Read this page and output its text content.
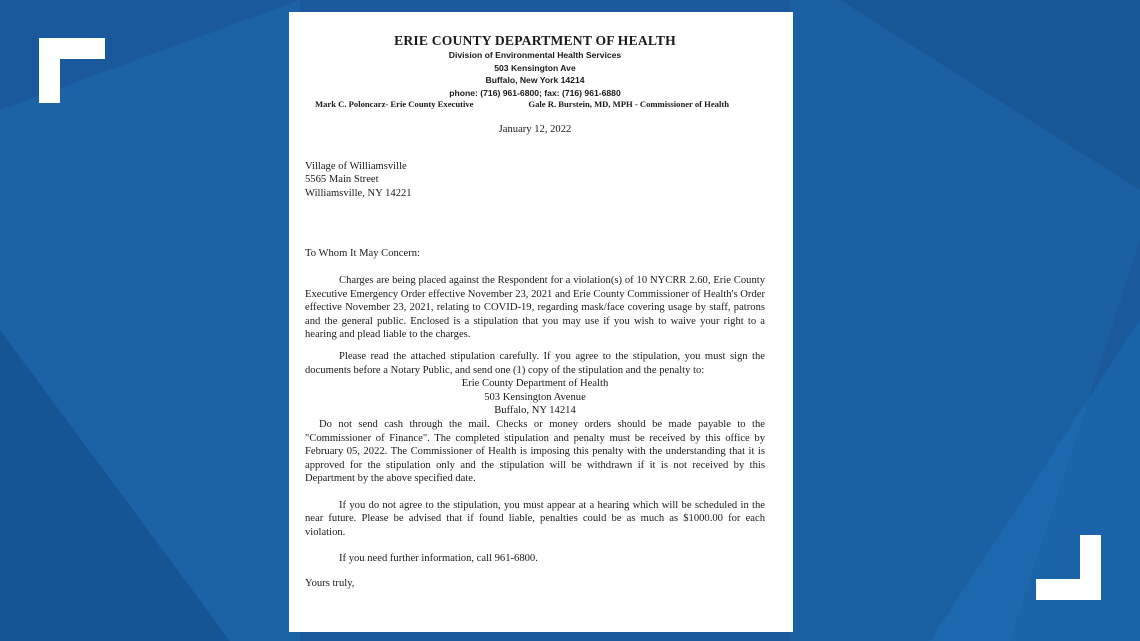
ERIE COUNTY DEPARTMENT OF HEALTH
Division of Environmental Health Services
503 Kensington Ave
Buffalo, New York 14214
phone: (716) 961-6800; fax: (716) 961-6880
Mark C. Poloncarz- Erie County Executive	Gale R. Burstein, MD, MPH - Commissioner of Health
January 12, 2022
Village of Williamsville
5565 Main Street
Williamsville, NY 14221
To Whom It May Concern:
Charges are being placed against the Respondent for a violation(s) of 10 NYCRR 2.60, Erie County Executive Emergency Order effective November 23, 2021 and Erie County Commissioner of Health's Order effective November 23, 2021, relating to COVID-19, regarding mask/face covering usage by staff, patrons and the general public. Enclosed is a stipulation that you may use if you wish to waive your right to a hearing and plead liable to the charges.
Please read the attached stipulation carefully. If you agree to the stipulation, you must sign the documents before a Notary Public, and send one (1) copy of the stipulation and the penalty to:
Erie County Department of Health
503 Kensington Avenue
Buffalo, NY 14214
Do not send cash through the mail. Checks or money orders should be made payable to the "Commissioner of Finance". The completed stipulation and penalty must be received by this office by February 05, 2022. The Commissioner of Health is imposing this penalty with the understanding that it is approved for the stipulation only and the stipulation will be withdrawn if it is not received by this Department by the above specified date.
If you do not agree to the stipulation, you must appear at a hearing which will be scheduled in the near future. Please be advised that if found liable, penalties could be as much as $1000.00 for each violation.
If you need further information, call 961-6800.
Yours truly,
